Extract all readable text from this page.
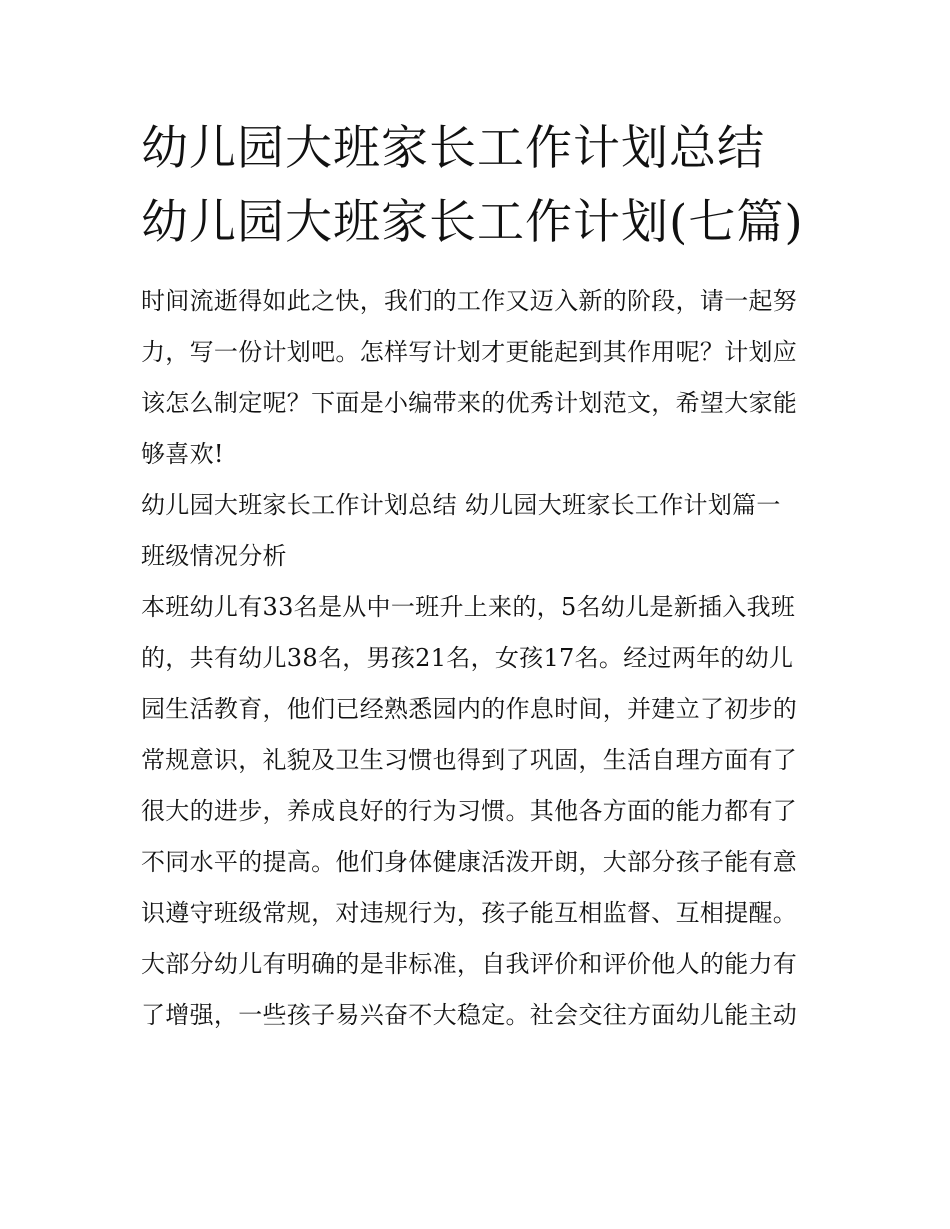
幼儿园大班家长工作计划总结 幼儿园大班家长工作计划(七篇)

时间流逝得如此之快，我们的工作又迈入新的阶段，请一起努力，写一份计划吧。怎样写计划才更能起到其作用呢？计划应该怎么制定呢？下面是小编带来的优秀计划范文，希望大家能够喜欢!

幼儿园大班家长工作计划总结 幼儿园大班家长工作计划篇一

班级情况分析

本班幼儿有33名是从中一班升上来的，5名幼儿是新插入我班的，共有幼儿38名，男孩21名，女孩17名。经过两年的幼儿园生活教育，他们已经熟悉园内的作息时间，并建立了初步的常规意识，礼貌及卫生习惯也得到了巩固，生活自理方面有了很大的进步，养成良好的行为习惯。其他各方面的能力都有了不同水平的提高。他们身体健康活泼开朗，大部分孩子能有意识遵守班级常规，对违规行为，孩子能互相监督、互相提醒。大部分幼儿有明确的是非标准，自我评价和评价他人的能力有了增强，一些孩子易兴奋不大稳定。社会交往方面幼儿能主动
